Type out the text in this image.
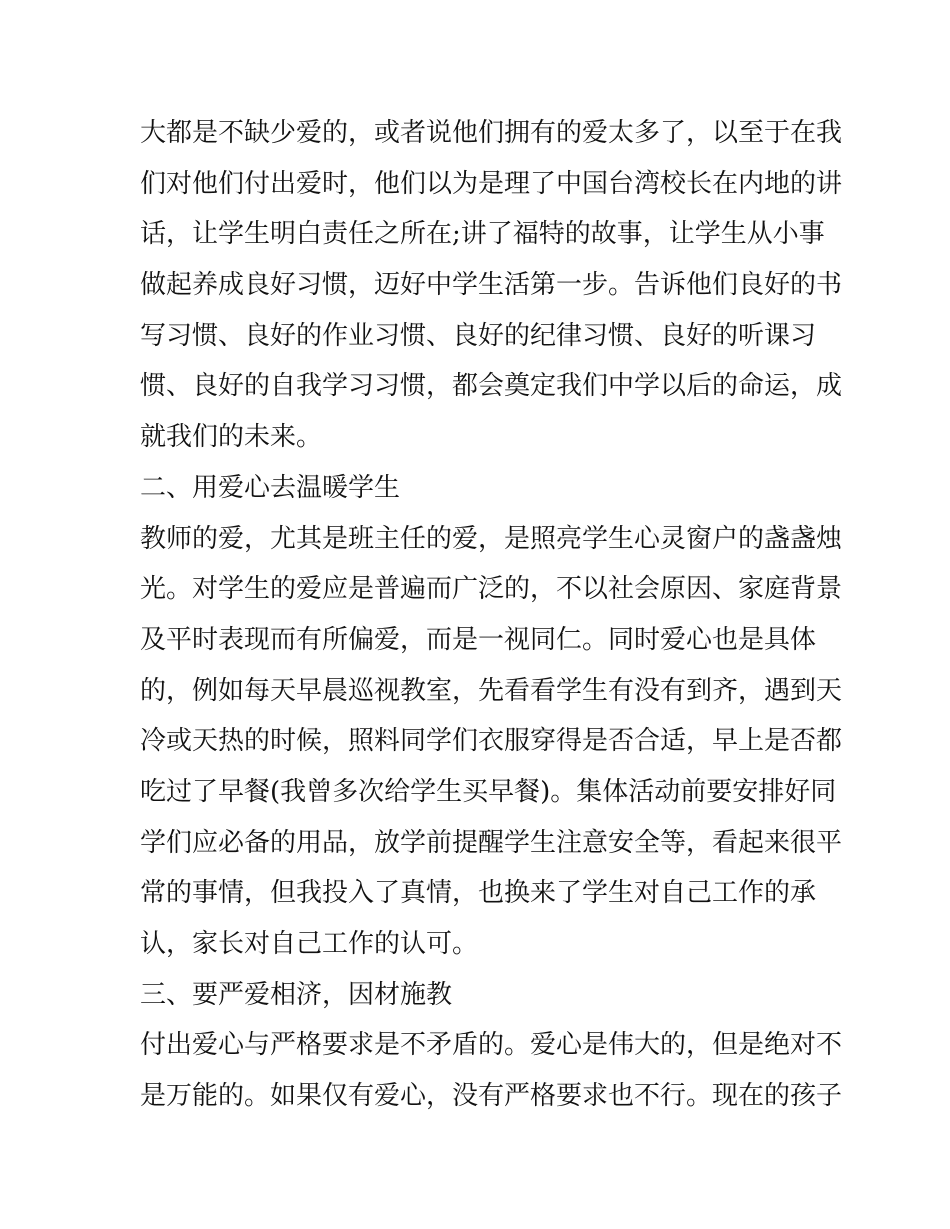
大都是不缺少爱的，或者说他们拥有的爱太多了，以至于在我
们对他们付出爱时，他们以为是理了中国台湾校长在内地的讲
话，让学生明白责任之所在;讲了福特的故事，让学生从小事
做起养成良好习惯，迈好中学生活第一步。告诉他们良好的书
写习惯、良好的作业习惯、良好的纪律习惯、良好的听课习
惯、良好的自我学习习惯，都会奠定我们中学以后的命运，成
就我们的未来。
二、用爱心去温暖学生
教师的爱，尤其是班主任的爱，是照亮学生心灵窗户的盏盏烛
光。对学生的爱应是普遍而广泛的，不以社会原因、家庭背景
及平时表现而有所偏爱，而是一视同仁。同时爱心也是具体
的，例如每天早晨巡视教室，先看看学生有没有到齐，遇到天
冷或天热的时候，照料同学们衣服穿得是否合适，早上是否都
吃过了早餐(我曾多次给学生买早餐)。集体活动前要安排好同
学们应必备的用品，放学前提醒学生注意安全等，看起来很平
常的事情，但我投入了真情，也换来了学生对自己工作的承
认，家长对自己工作的认可。
三、要严爱相济，因材施教
付出爱心与严格要求是不矛盾的。爱心是伟大的，但是绝对不
是万能的。如果仅有爱心，没有严格要求也不行。现在的孩子
